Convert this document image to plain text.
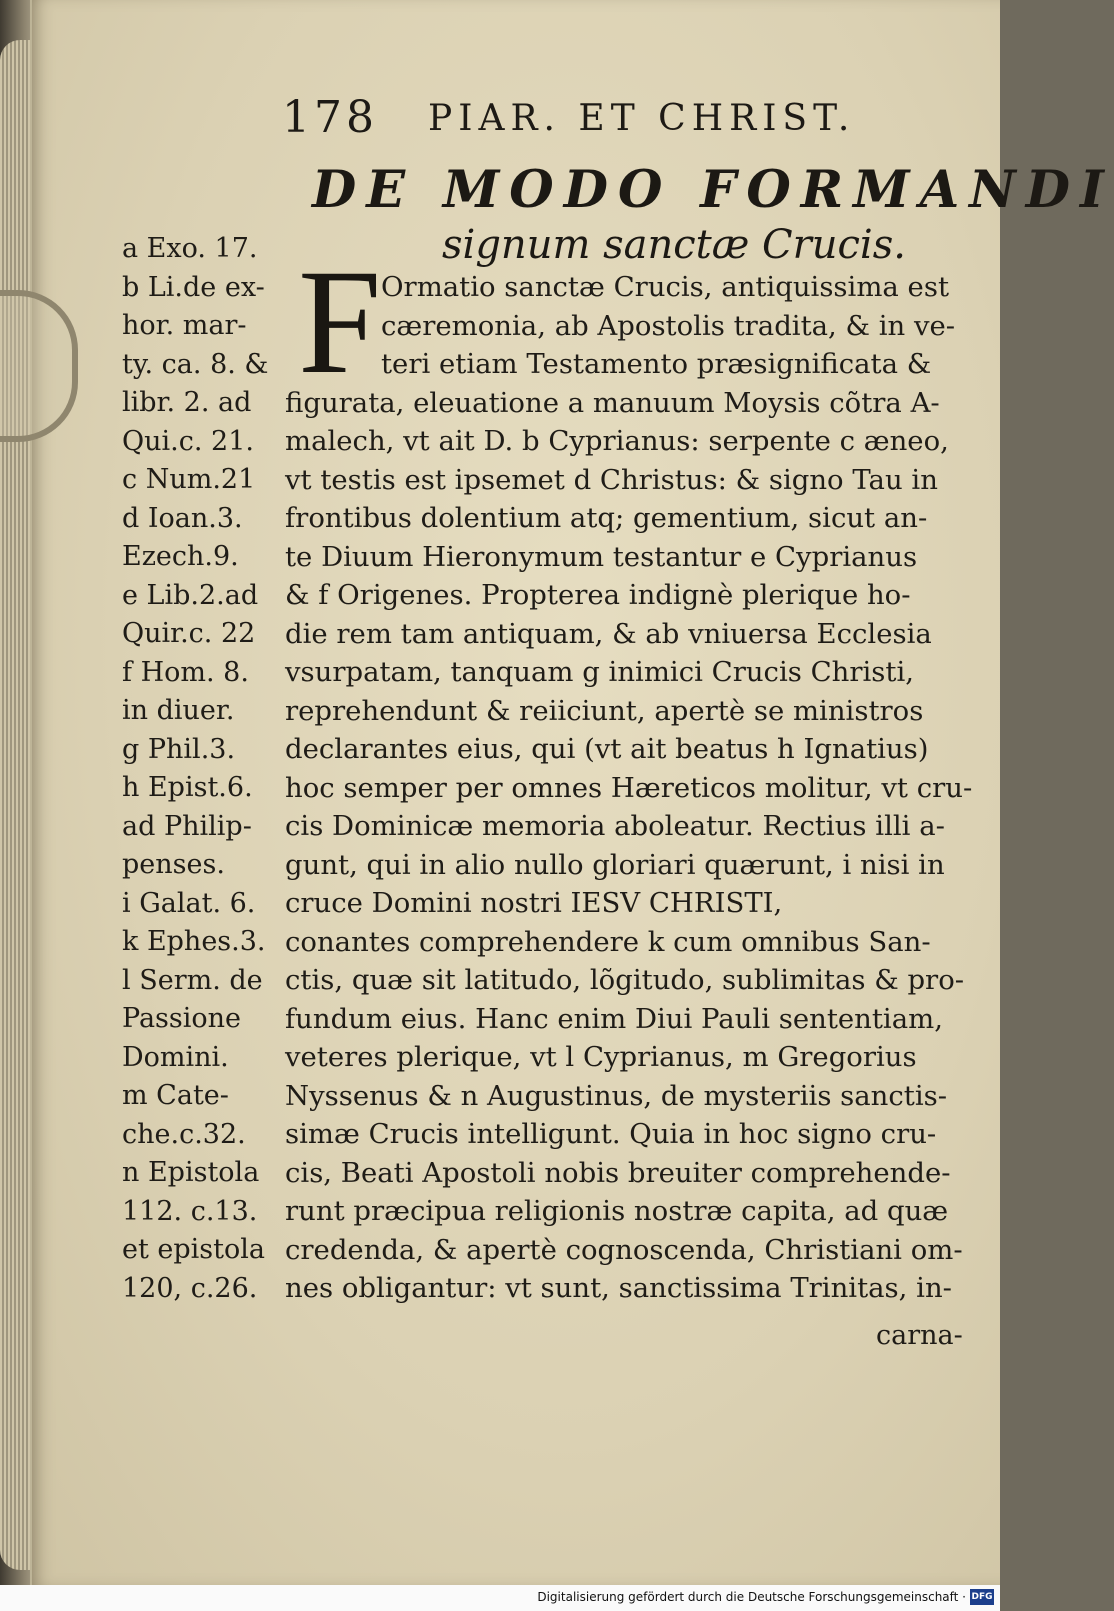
178 PIAR. ET CHRIST.
DE MODO FORMANDI
signum sanctæ Crucis.
a Exo. 17.
b Li.de ex-
hor. mar-
ty. ca. 8. &
libr. 2. ad
Qui.c. 21.
c Num.21
d Ioan.3.
Ezech.9.
e Lib.2.ad
Quir.c. 22
f Hom. 8.
in diuer.
g Phil.3.
h Epist.6.
ad Philip-
penses.
i Galat. 6.
k Ephes.3.
l Serm. de
Passione
Domini.
m Cate-
che.c.32.
n Epistola
112. c.13.
et epistola
120, c.26.
F Ormatio sanctæ Crucis, antiquissima est
cæremonia, ab Apostolis tradita, & in ve-
teri etiam Testamento præsignificata &
figurata, eleuatione a manuum Moysis cõtra A-
malech, vt ait D. b Cyprianus: serpente c æneo,
vt testis est ipsemet d Christus: & signo Tau in
frontibus dolentium atq; gementium, sicut an-
te Diuum Hieronymum testantur e Cyprianus
& f Origenes. Propterea indignè plerique ho-
die rem tam antiquam, & ab vniuersa Ecclesia
vsurpatam, tanquam g inimici Crucis Christi,
reprehendunt & reiiciunt, apertè se ministros
declarantes eius, qui (vt ait beatus h Ignatius)
hoc semper per omnes Hæreticos molitur, vt cru-
cis Dominicæ memoria aboleatur. Rectius illi a-
gunt, qui in alio nullo gloriari quærunt, i nisi in
cruce Domini nostri IESV CHRISTI,
conantes comprehendere k cum omnibus San-
ctis, quæ sit latitudo, lõgitudo, sublimitas & pro-
fundum eius. Hanc enim Diui Pauli sententiam,
veteres plerique, vt l Cyprianus, m Gregorius
Nyssenus & n Augustinus, de mysteriis sanctis-
simæ Crucis intelligunt. Quia in hoc signo cru-
cis, Beati Apostoli nobis breuiter comprehende-
runt præcipua religionis nostræ capita, ad quæ
credenda, & apertè cognoscenda, Christiani om-
nes obligantur: vt sunt, sanctissima Trinitas, in-
carna-
Digitalisierung gefördert durch die Deutsche Forschungsgemeinschaft · DFG
